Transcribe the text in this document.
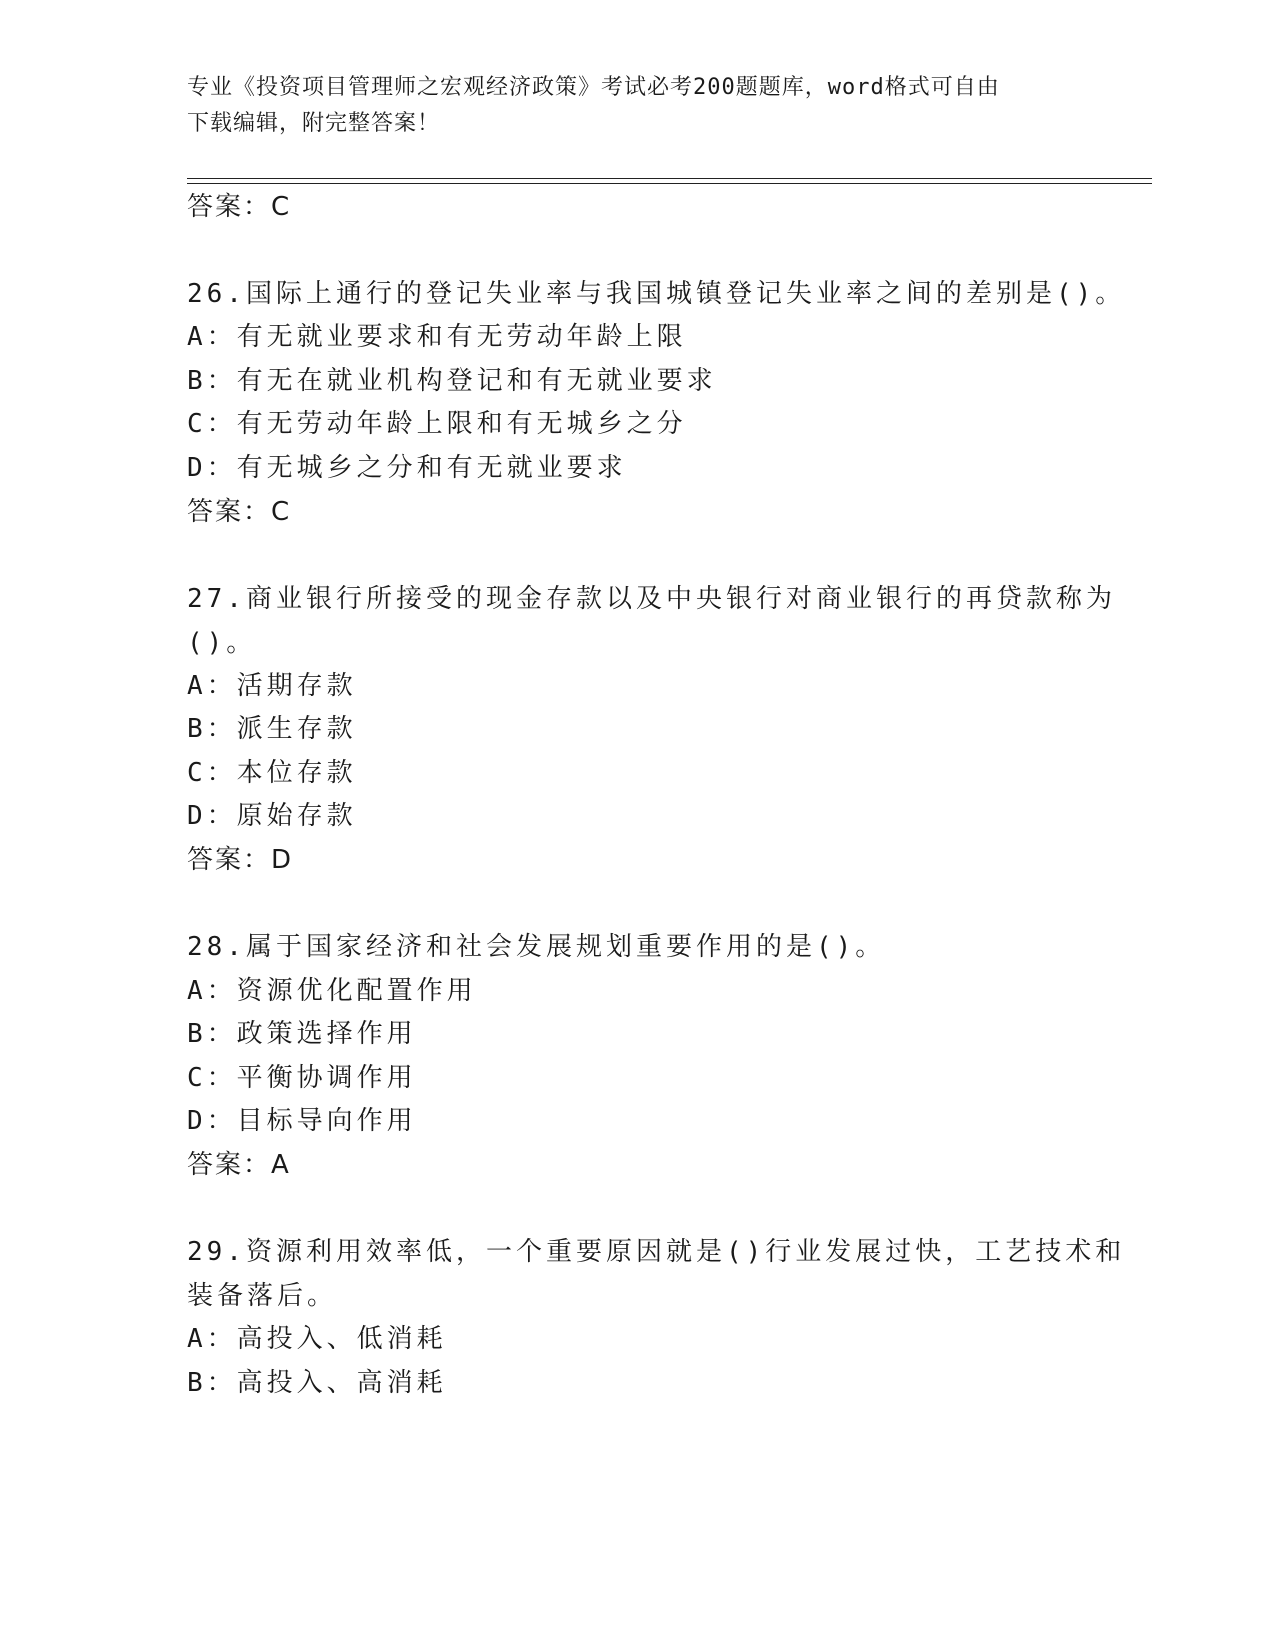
专业《投资项目管理师之宏观经济政策》考试必考200题题库，word格式可自由
下载编辑，附完整答案！
答案：C
26.国际上通行的登记失业率与我国城镇登记失业率之间的差别是()。
A：有无就业要求和有无劳动年龄上限
B：有无在就业机构登记和有无就业要求
C：有无劳动年龄上限和有无城乡之分
D：有无城乡之分和有无就业要求
答案：C
27.商业银行所接受的现金存款以及中央银行对商业银行的再贷款称为
()。
A：活期存款
B：派生存款
C：本位存款
D：原始存款
答案：D
28.属于国家经济和社会发展规划重要作用的是()。
A：资源优化配置作用
B：政策选择作用
C：平衡协调作用
D：目标导向作用
答案：A
29.资源利用效率低，一个重要原因就是()行业发展过快，工艺技术和
装备落后。
A：高投入、低消耗
B：高投入、高消耗
